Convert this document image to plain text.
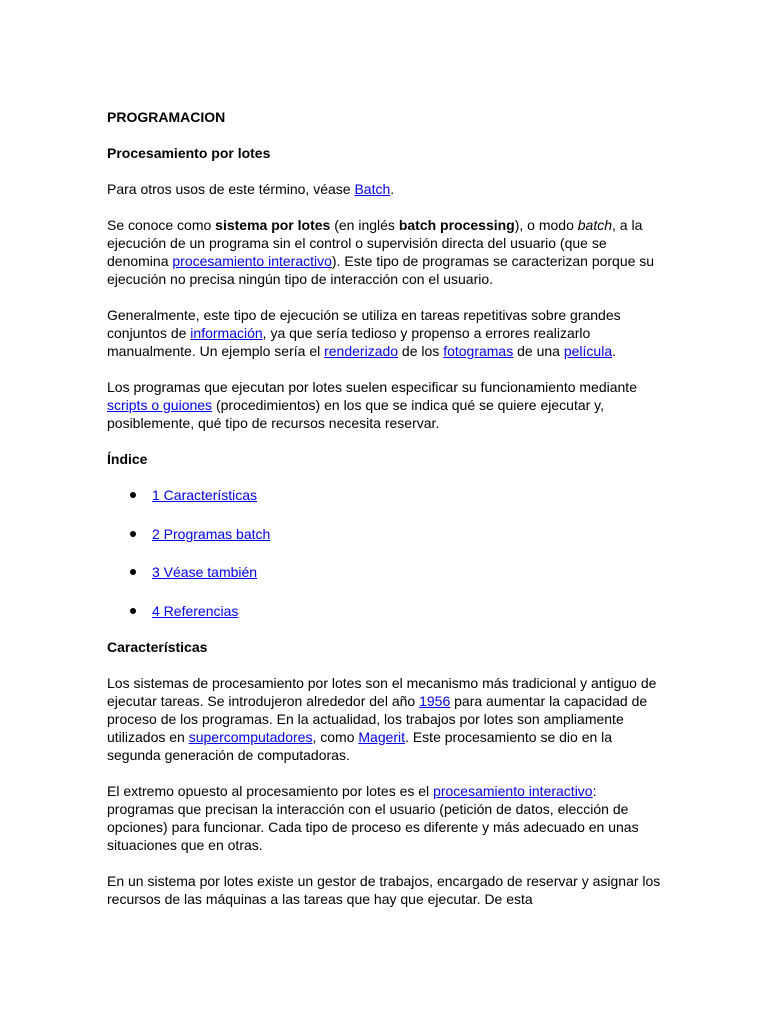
PROGRAMACION

Procesamiento por lotes

Para otros usos de este término, véase Batch.

Se conoce como sistema por lotes (en inglés batch processing), o modo batch, a la ejecución de un programa sin el control o supervisión directa del usuario (que se denomina procesamiento interactivo). Este tipo de programas se caracterizan porque su ejecución no precisa ningún tipo de interacción con el usuario.

Generalmente, este tipo de ejecución se utiliza en tareas repetitivas sobre grandes conjuntos de información, ya que sería tedioso y propenso a errores realizarlo manualmente. Un ejemplo sería el renderizado de los fotogramas de una película.

Los programas que ejecutan por lotes suelen especificar su funcionamiento mediante scripts o guiones (procedimientos) en los que se indica qué se quiere ejecutar y, posiblemente, qué tipo de recursos necesita reservar.

Índice

1 Características
2 Programas batch
3 Véase también
4 Referencias

Características

Los sistemas de procesamiento por lotes son el mecanismo más tradicional y antiguo de ejecutar tareas. Se introdujeron alrededor del año 1956 para aumentar la capacidad de proceso de los programas. En la actualidad, los trabajos por lotes son ampliamente utilizados en supercomputadores, como Magerit. Este procesamiento se dio en la segunda generación de computadoras.

El extremo opuesto al procesamiento por lotes es el procesamiento interactivo: programas que precisan la interacción con el usuario (petición de datos, elección de opciones) para funcionar. Cada tipo de proceso es diferente y más adecuado en unas situaciones que en otras.

En un sistema por lotes existe un gestor de trabajos, encargado de reservar y asignar los recursos de las máquinas a las tareas que hay que ejecutar. De esta
